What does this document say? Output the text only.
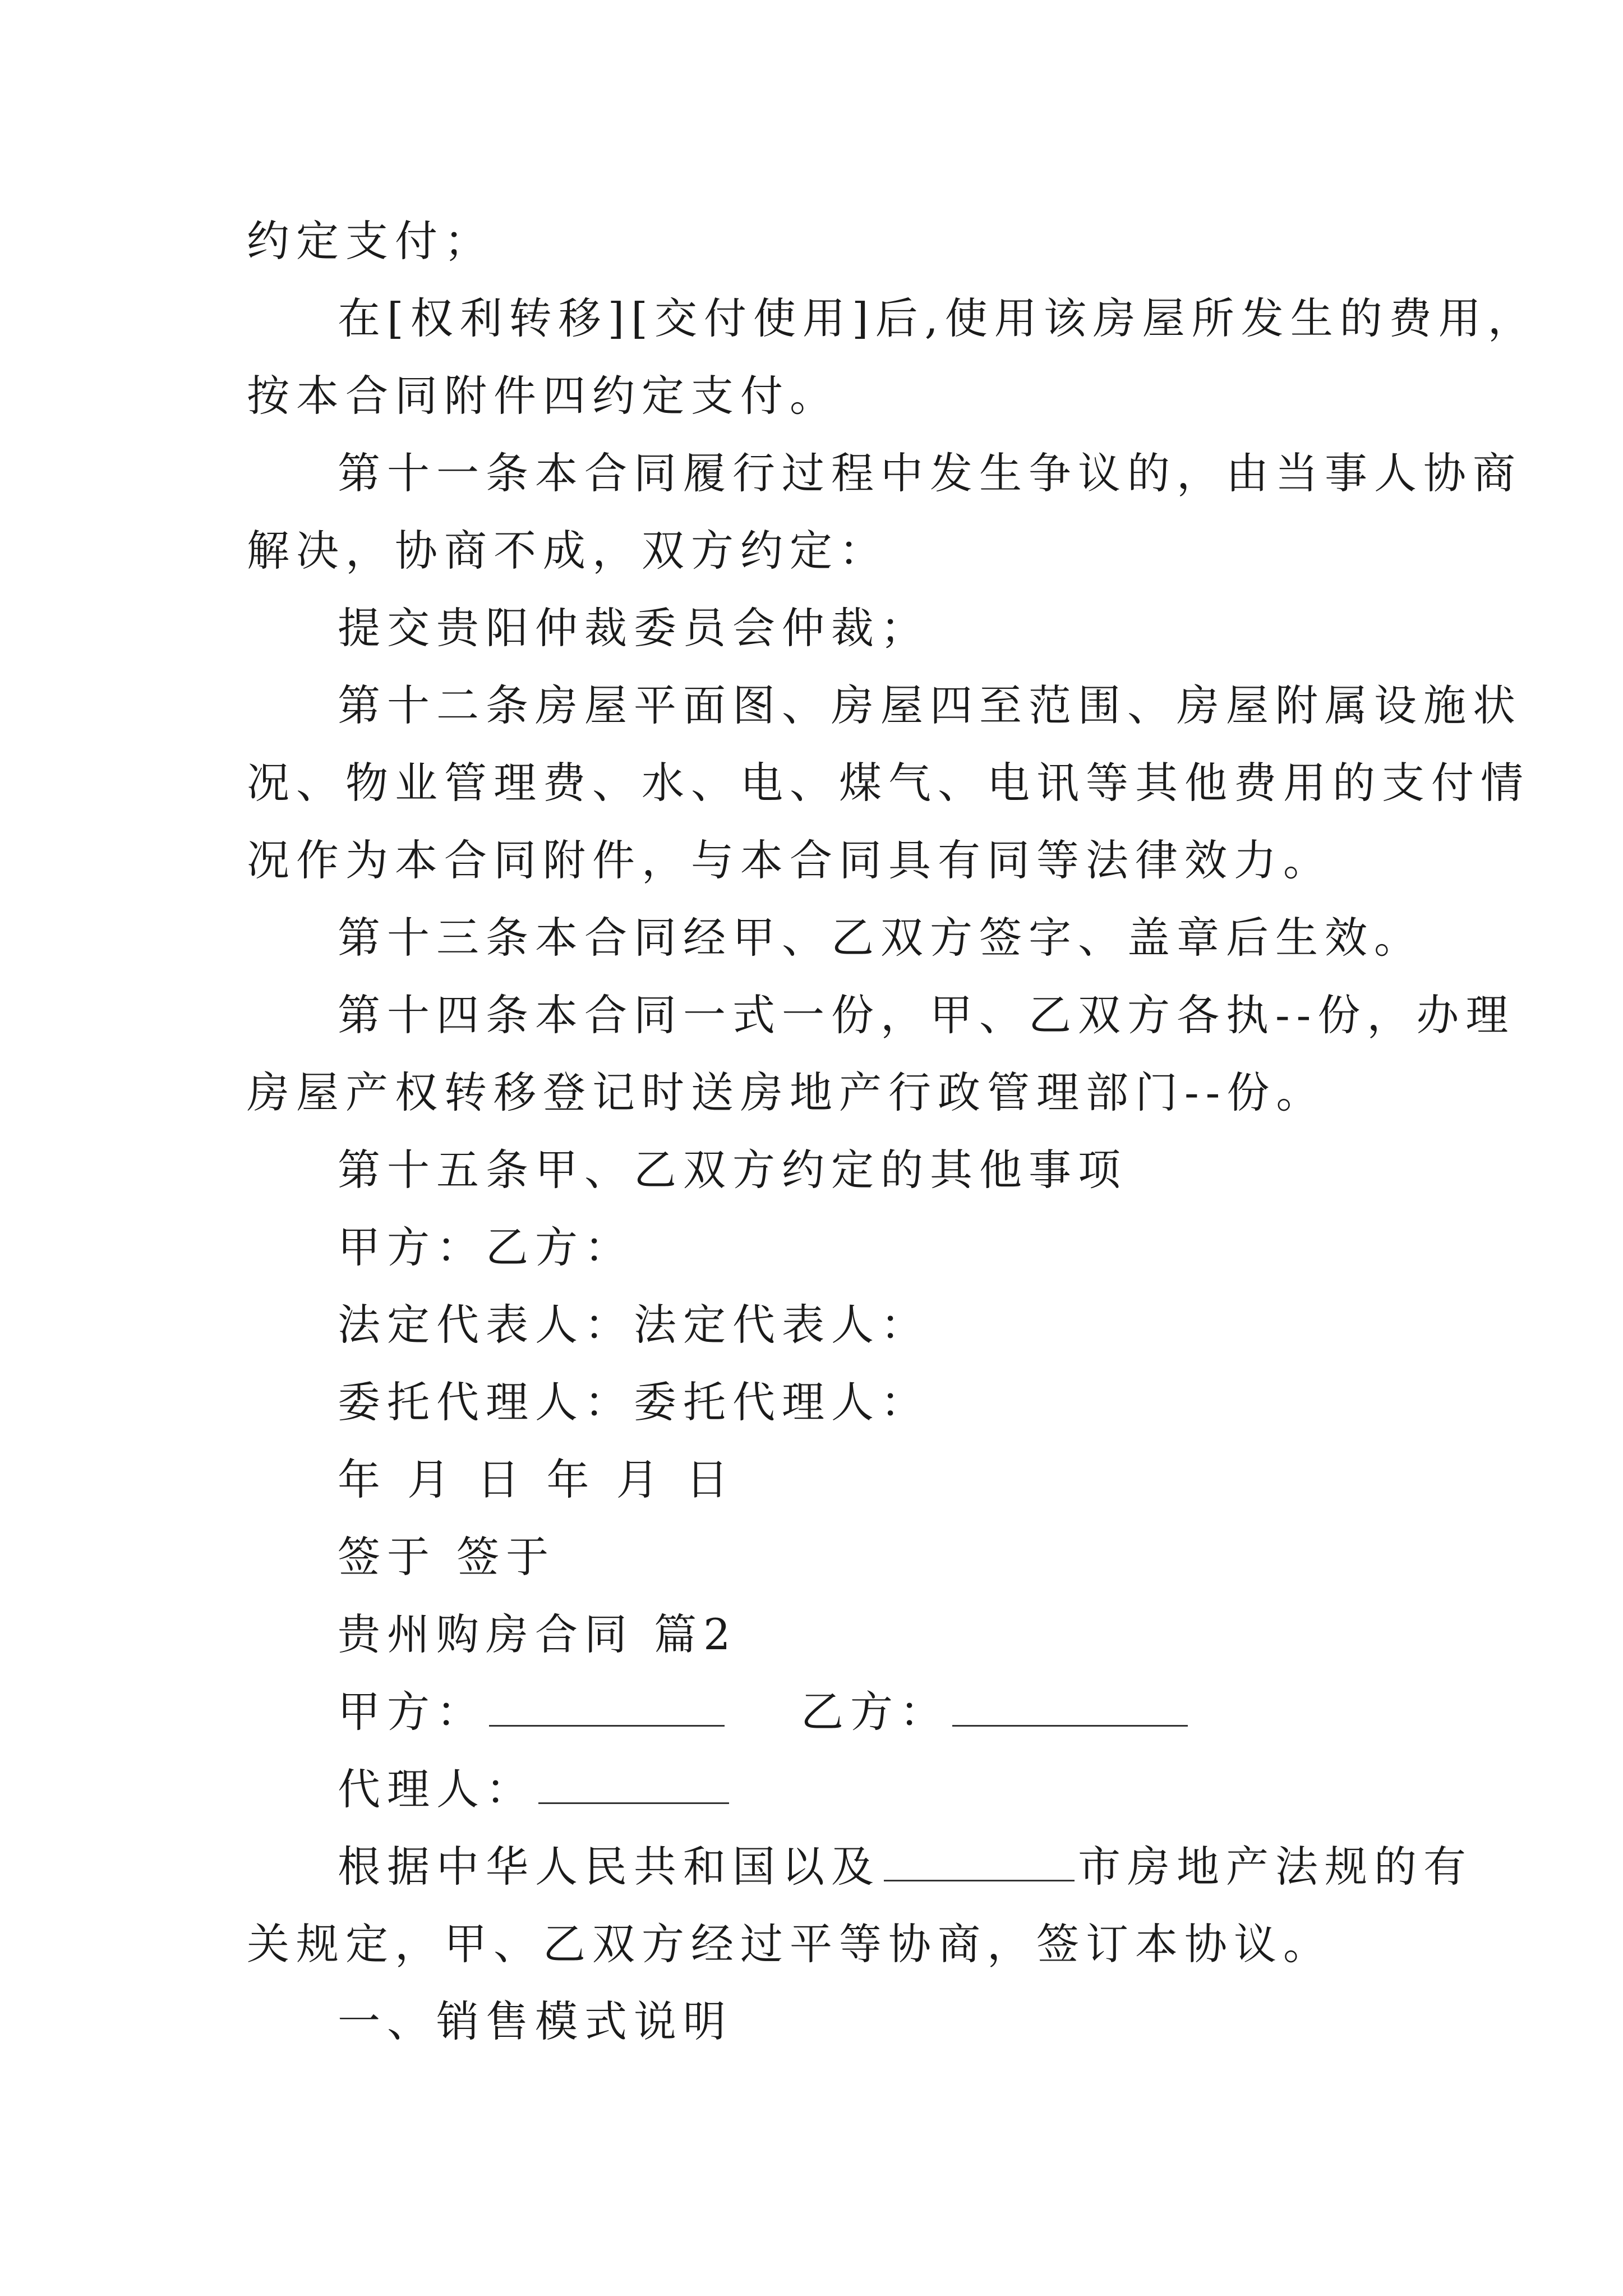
约定支付；
在[权利转移][交付使用]后,使用该房屋所发生的费用，
按本合同附件四约定支付。
第十一条本合同履行过程中发生争议的，由当事人协商
解决，协商不成，双方约定：
提交贵阳仲裁委员会仲裁；
第十二条房屋平面图、房屋四至范围、房屋附属设施状
况、物业管理费、水、电、煤气、电讯等其他费用的支付情
况作为本合同附件，与本合同具有同等法律效力。
第十三条本合同经甲、乙双方签字、盖章后生效。
第十四条本合同一式一份，甲、乙双方各执--份，办理
房屋产权转移登记时送房地产行政管理部门--份。
第十五条甲、乙双方约定的其他事项
甲方：乙方：
法定代表人：法定代表人：
委托代理人：委托代理人：
年 月 日 年 月 日
签于 签于
贵州购房合同 篇2
甲方：	乙方：
代理人：
根据中华人民共和国以及	市房地产法规的有
关规定，甲、乙双方经过平等协商，签订本协议。
一、销售模式说明
